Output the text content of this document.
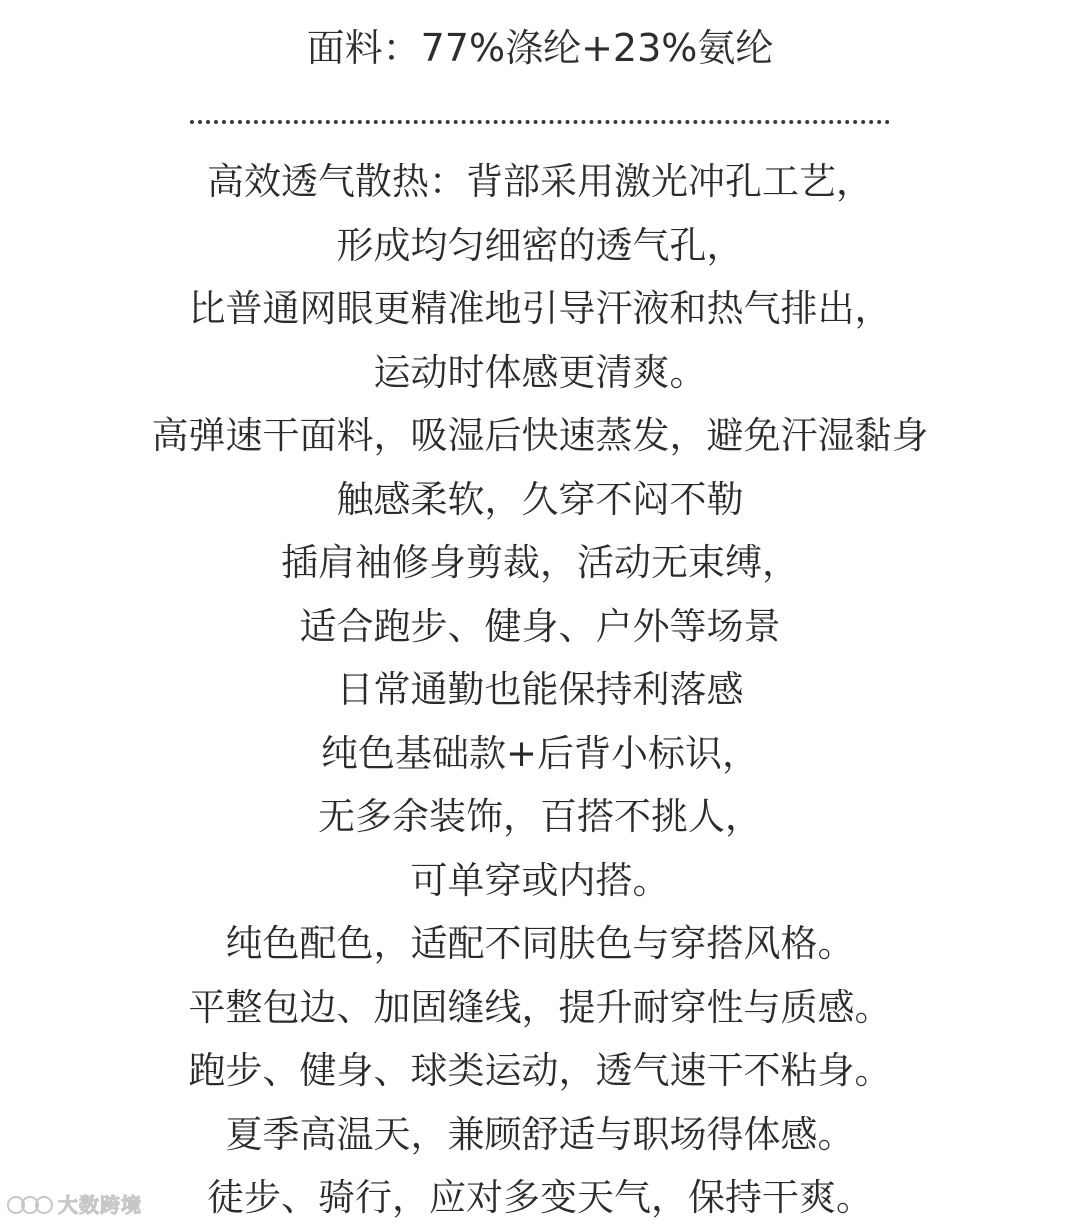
面料：77%涤纶+23%氨纶
高效透气散热：背部采用激光冲孔工艺，
形成均匀细密的透气孔，
比普通网眼更精准地引导汗液和热气排出，
运动时体感更清爽。
高弹速干面料，吸湿后快速蒸发，避免汗湿黏身
触感柔软，久穿不闷不勒
插肩袖修身剪裁，活动无束缚，
适合跑步、健身、户外等场景
日常通勤也能保持利落感
纯色基础款+后背小标识，
无多余装饰，百搭不挑人，
可单穿或内搭。
纯色配色，适配不同肤色与穿搭风格。
平整包边、加固缝线，提升耐穿性与质感。
跑步、健身、球类运动，透气速干不粘身。
夏季高温天，兼顾舒适与职场得体感。
徒步、骑行，应对多变天气，保持干爽。
大数跨境
